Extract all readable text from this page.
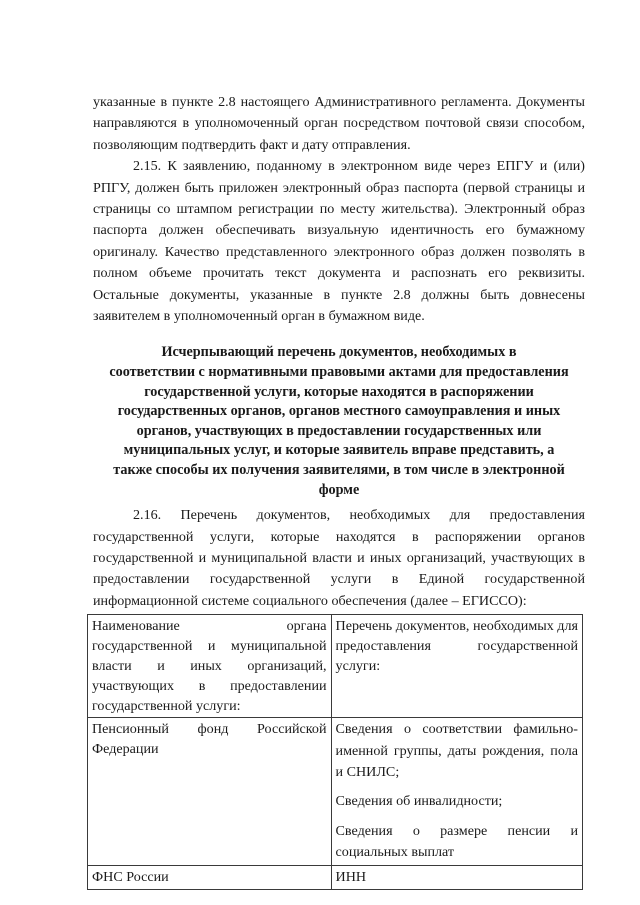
указанные в пункте 2.8 настоящего Административного регламента. Документы направляются в уполномоченный орган посредством почтовой связи способом, позволяющим подтвердить факт и дату отправления.

2.15. К заявлению, поданному в электронном виде через ЕПГУ и (или) РПГУ, должен быть приложен электронный образ паспорта (первой страницы и страницы со штампом регистрации по месту жительства). Электронный образ паспорта должен обеспечивать визуальную идентичность его бумажному оригиналу. Качество представленного электронного образ должен позволять в полном объеме прочитать текст документа и распознать его реквизиты. Остальные документы, указанные в пункте 2.8 должны быть довнесены заявителем в уполномоченный орган в бумажном виде.

Исчерпывающий перечень документов, необходимых в
соответствии с нормативными правовыми актами для предоставления
государственной услуги, которые находятся в распоряжении
государственных органов, органов местного самоуправления и иных
органов, участвующих в предоставлении государственных или
муниципальных услуг, и которые заявитель вправе представить, а
также способы их получения заявителями, в том числе в электронной
форме

2.16. Перечень документов, необходимых для предоставления государственной услуги, которые находятся в распоряжении органов государственной и муниципальной власти и иных организаций, участвующих в предоставлении государственной услуги в Единой государственной информационной системе социального обеспечения (далее – ЕГИССО):

Наименование органа государственной и муниципальной власти и иных организаций, участвующих в предоставлении государственной услуги:	Перечень документов, необходимых для предоставления государственной услуги:
Пенсионный фонд Российской Федерации	Сведения о соответствии фамильно-именной группы, даты рождения, пола и СНИЛС;

Сведения об инвалидности;

Сведения о размере пенсии и социальных выплат

ФНС России	ИНН
